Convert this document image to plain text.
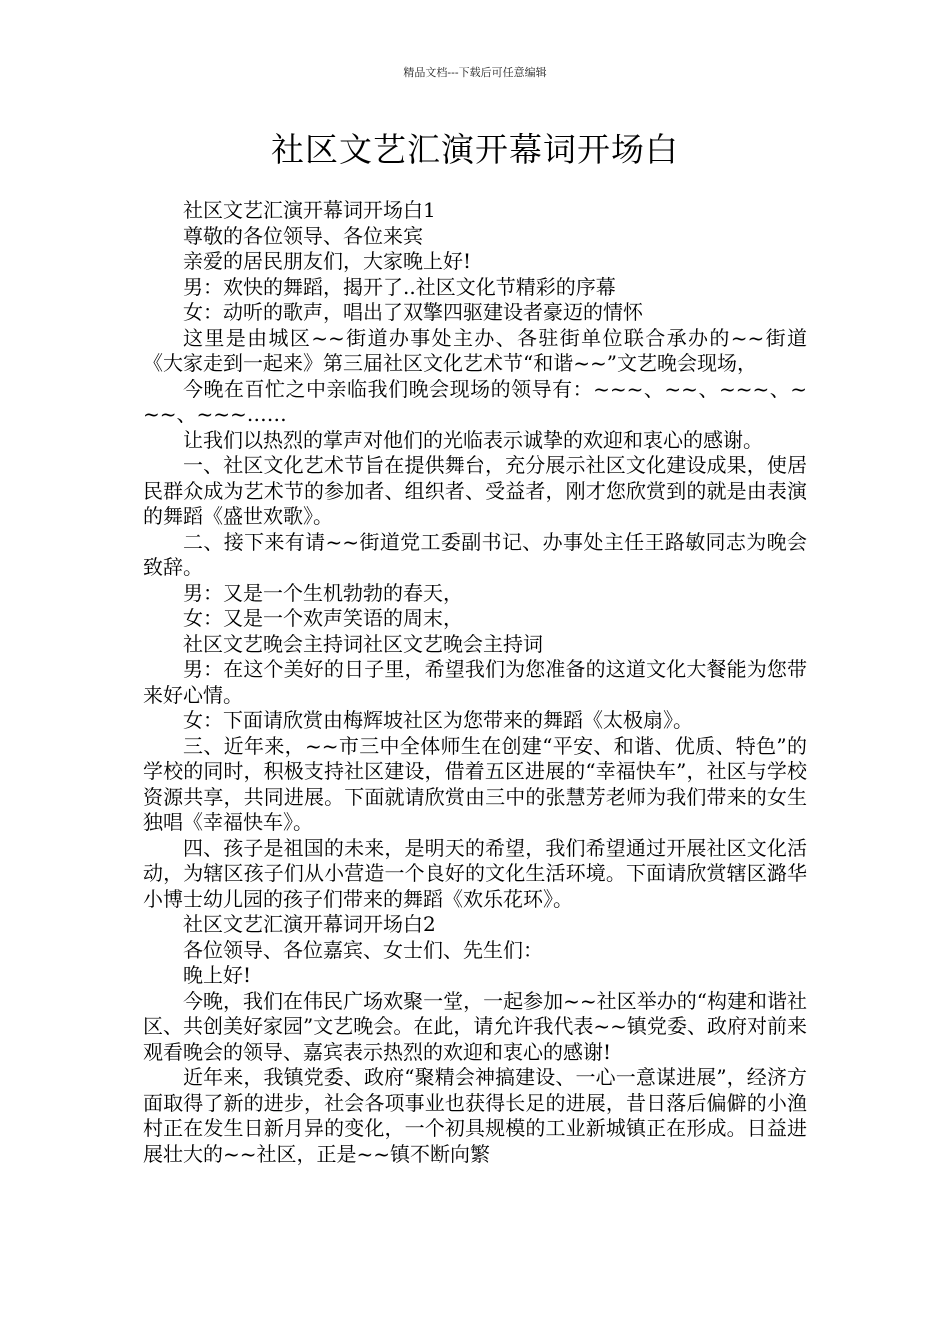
精品文档---下载后可任意编辑
社区文艺汇演开幕词开场白

社区文艺汇演开幕词开场白1

尊敬的各位领导、各位来宾

亲爱的居民朋友们，大家晚上好!

男：欢快的舞蹈，揭开了..社区文化节精彩的序幕

女：动听的歌声，唱出了双擎四驱建设者豪迈的情怀

这里是由城区~~街道办事处主办、各驻街单位联合承办的~~街道《大家走到一起来》第三届社区文化艺术节“和谐~~”文艺晚会现场，

今晚在百忙之中亲临我们晚会现场的领导有：~~~、~~、~~~、~~~、~~~……

让我们以热烈的掌声对他们的光临表示诚挚的欢迎和衷心的感谢。

一、社区文化艺术节旨在提供舞台，充分展示社区文化建设成果，使居民群众成为艺术节的参加者、组织者、受益者，刚才您欣赏到的就是由表演的舞蹈《盛世欢歌》。

二、接下来有请~~街道党工委副书记、办事处主任王路敏同志为晚会致辞。

男：又是一个生机勃勃的春天，

女：又是一个欢声笑语的周末，

社区文艺晚会主持词社区文艺晚会主持词

男：在这个美好的日子里，希望我们为您准备的这道文化大餐能为您带来好心情。

女：下面请欣赏由梅辉坡社区为您带来的舞蹈《太极扇》。

三、近年来，~~市三中全体师生在创建“平安、和谐、优质、特色”的学校的同时，积极支持社区建设，借着五区进展的“幸福快车”，社区与学校资源共享，共同进展。下面就请欣赏由三中的张慧芳老师为我们带来的女生独唱《幸福快车》。

四、孩子是祖国的未来，是明天的希望，我们希望通过开展社区文化活动，为辖区孩子们从小营造一个良好的文化生活环境。下面请欣赏辖区潞华小博士幼儿园的孩子们带来的舞蹈《欢乐花环》。

社区文艺汇演开幕词开场白2

各位领导、各位嘉宾、女士们、先生们：

晚上好!

今晚，我们在伟民广场欢聚一堂，一起参加~~社区举办的“构建和谐社区、共创美好家园”文艺晚会。在此，请允许我代表~~镇党委、政府对前来观看晚会的领导、嘉宾表示热烈的欢迎和衷心的感谢!

近年来，我镇党委、政府“聚精会神搞建设、一心一意谋进展”，经济方面取得了新的进步，社会各项事业也获得长足的进展，昔日落后偏僻的小渔村正在发生日新月异的变化，一个初具规模的工业新城镇正在形成。日益进展壮大的~~社区，正是~~镇不断向繁
